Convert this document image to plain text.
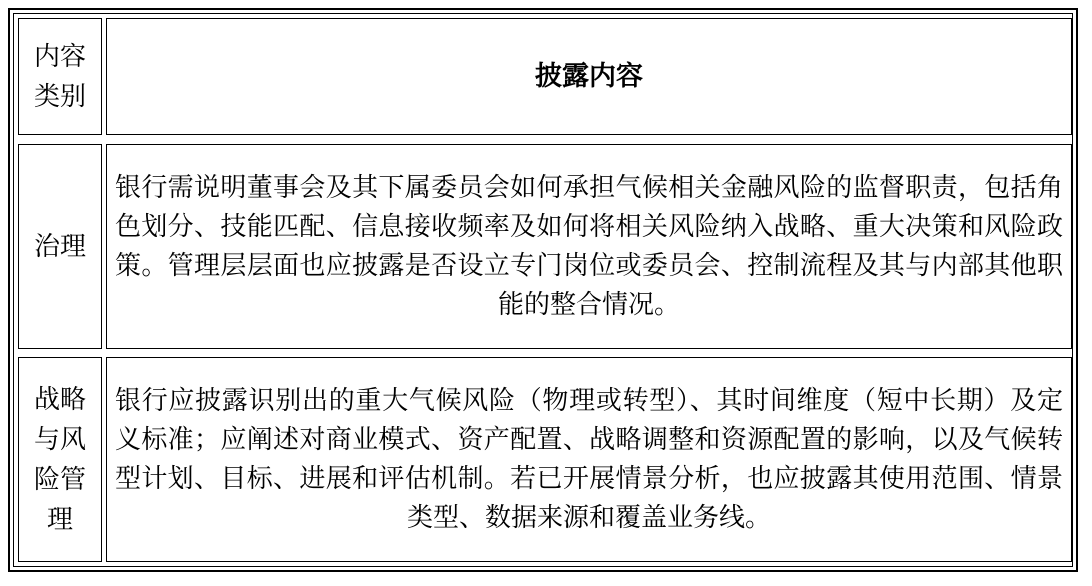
内容类别
披露内容
治理
银行需说明董事会及其下属委员会如何承担气候相关金融风险的监督职责，包括角色划分、技能匹配、信息接收频率及如何将相关风险纳入战略、重大决策和风险政策。管理层层面也应披露是否设立专门岗位或委员会、控制流程及其与内部其他职能的整合情况。
战略与风险管理
银行应披露识别出的重大气候风险（物理或转型）、其时间维度（短中长期）及定义标准；应阐述对商业模式、资产配置、战略调整和资源配置的影响，以及气候转型计划、目标、进展和评估机制。若已开展情景分析，也应披露其使用范围、情景类型、数据来源和覆盖业务线。
